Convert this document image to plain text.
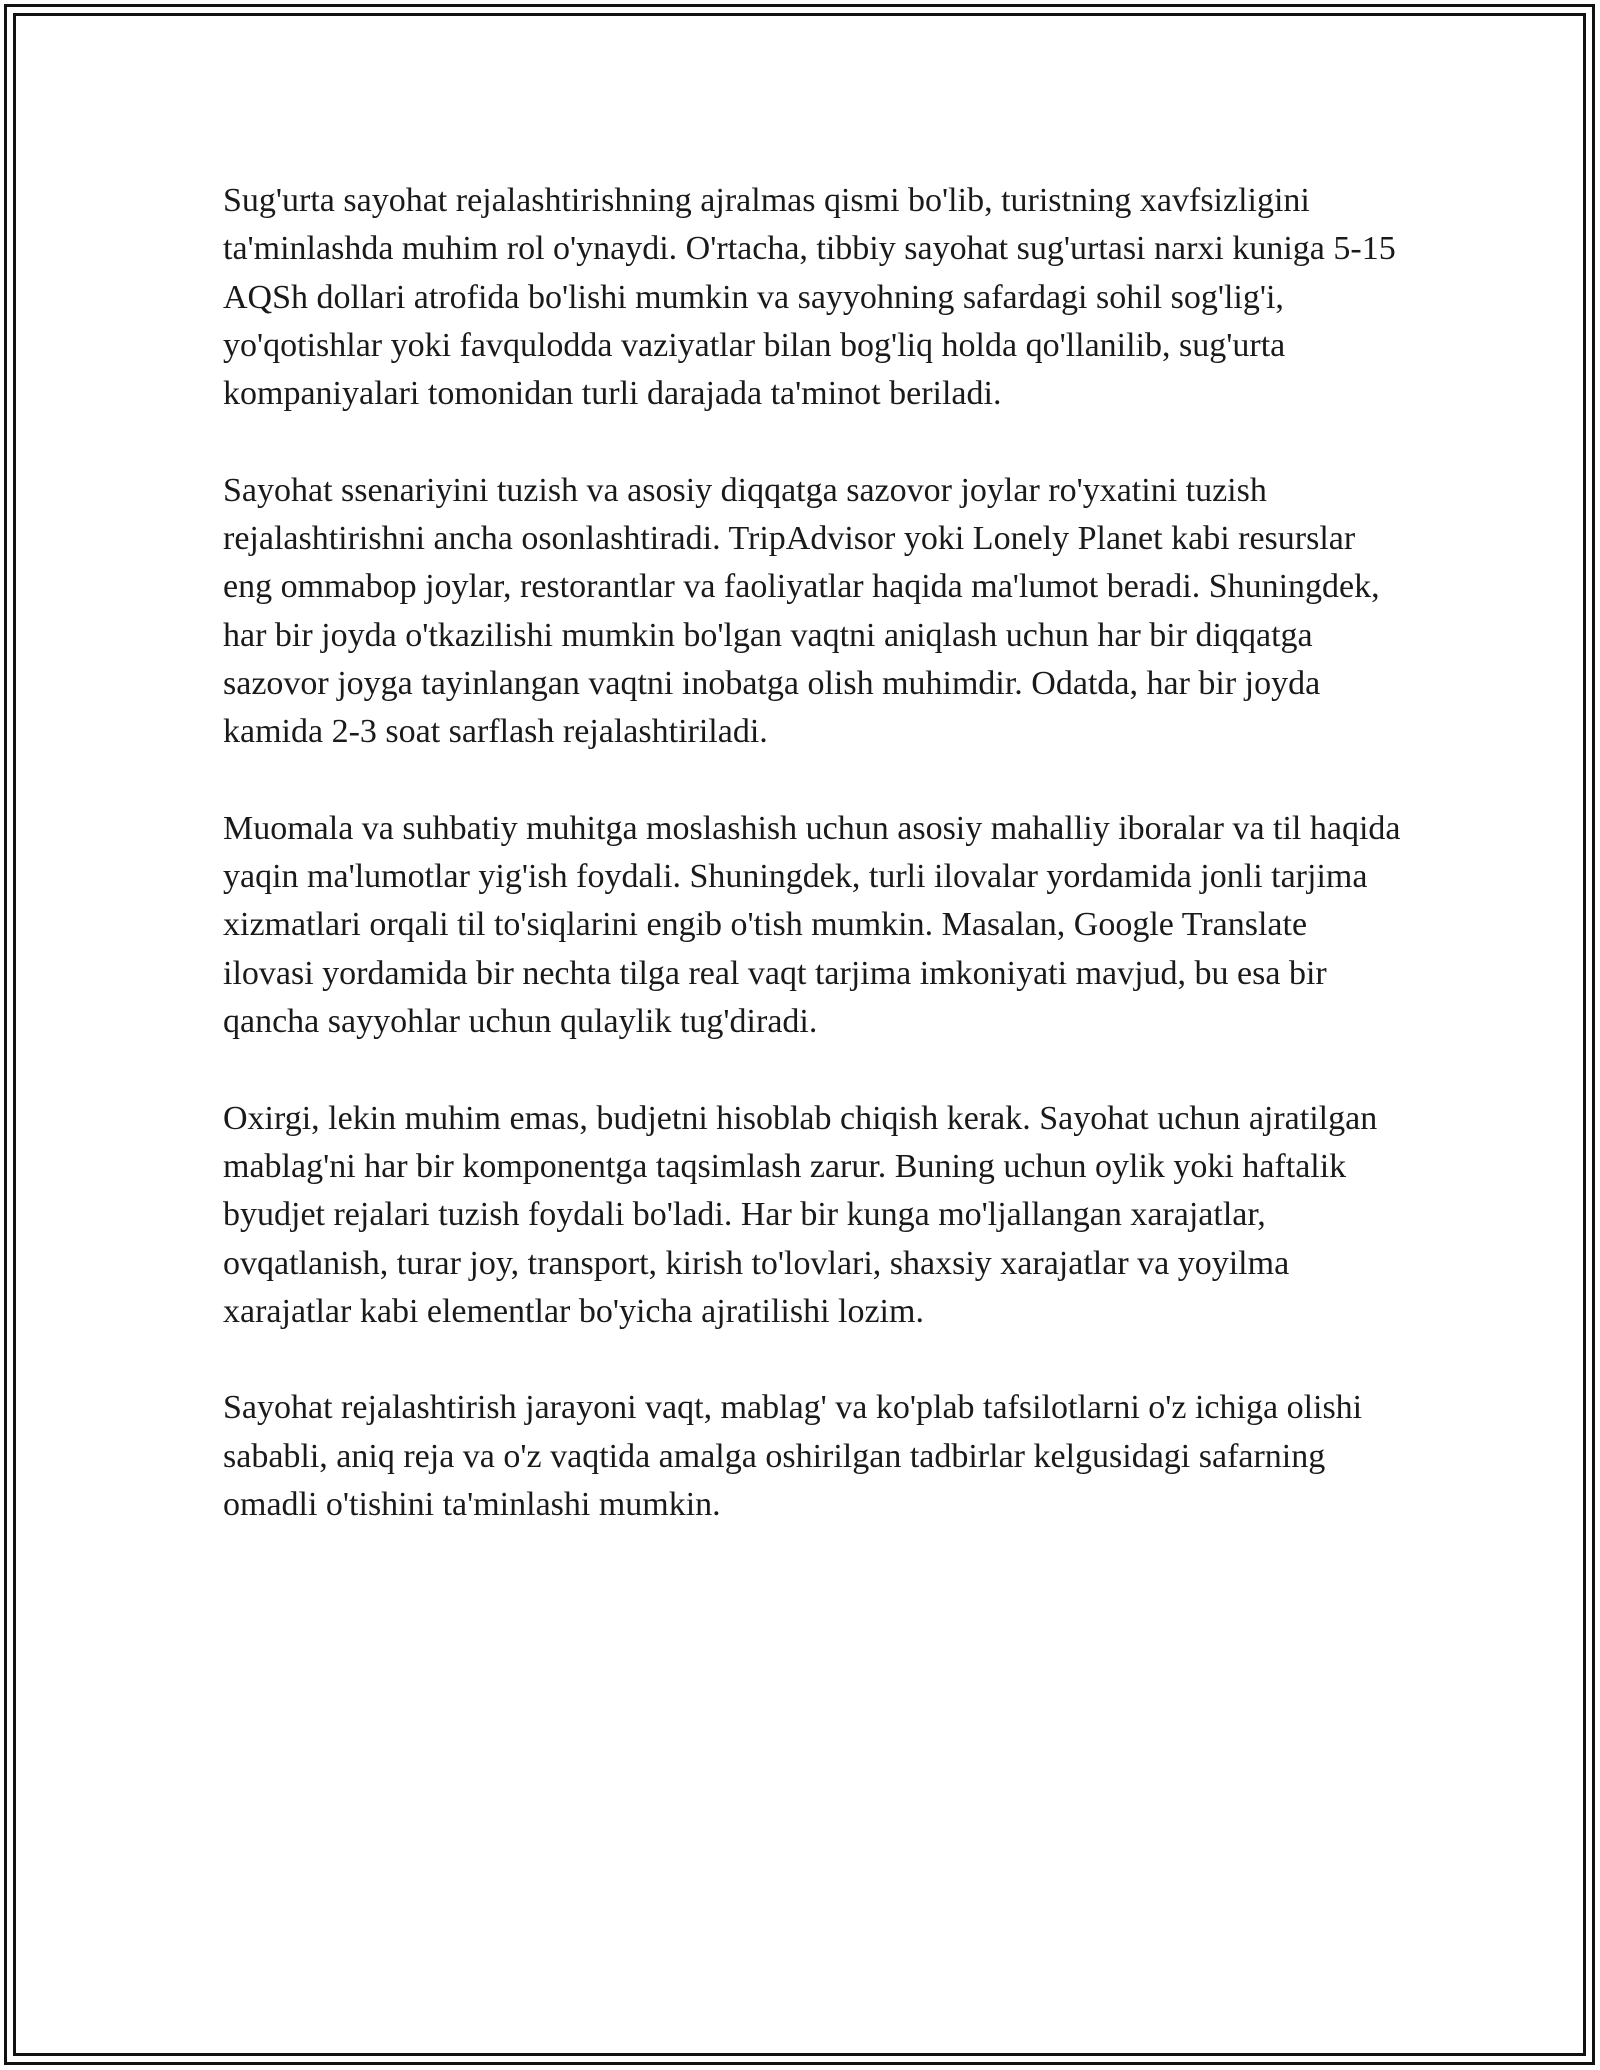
Sug'urta sayohat rejalashtirishning ajralmas qismi bo'lib, turistning xavfsizligini ta'minlashda muhim rol o'ynaydi. O'rtacha, tibbiy sayohat sug'urtasi narxi kuniga 5-15 AQSh dollari atrofida bo'lishi mumkin va sayyohning safardagi sohil sog'lig'i, yo'qotishlar yoki favqulodda vaziyatlar bilan bog'liq holda qo'llanilib, sug'urta kompaniyalari tomonidan turli darajada ta'minot beriladi.

Sayohat ssenariyini tuzish va asosiy diqqatga sazovor joylar ro'yxatini tuzish rejalashtirishni ancha osonlashtiradi. TripAdvisor yoki Lonely Planet kabi resurslar eng ommabop joylar, restorantlar va faoliyatlar haqida ma'lumot beradi. Shuningdek, har bir joyda o'tkazilishi mumkin bo'lgan vaqtni aniqlash uchun har bir diqqatga sazovor joyga tayinlangan vaqtni inobatga olish muhimdir. Odatda, har bir joyda kamida 2-3 soat sarflash rejalashtiriladi.

Muomala va suhbatiy muhitga moslashish uchun asosiy mahalliy iboralar va til haqida yaqin ma'lumotlar yig'ish foydali. Shuningdek, turli ilovalar yordamida jonli tarjima xizmatlari orqali til to'siqlarini engib o'tish mumkin. Masalan, Google Translate ilovasi yordamida bir nechta tilga real vaqt tarjima imkoniyati mavjud, bu esa bir qancha sayyohlar uchun qulaylik tug'diradi.

Oxirgi, lekin muhim emas, budjetni hisoblab chiqish kerak. Sayohat uchun ajratilgan mablag'ni har bir komponentga taqsimlash zarur. Buning uchun oylik yoki haftalik byudjet rejalari tuzish foydali bo'ladi. Har bir kunga mo'ljallangan xarajatlar, ovqatlanish, turar joy, transport, kirish to'lovlari, shaxsiy xarajatlar va yoyilma xarajatlar kabi elementlar bo'yicha ajratilishi lozim.

Sayohat rejalashtirish jarayoni vaqt, mablag' va ko'plab tafsilotlarni o'z ichiga olishi sababli, aniq reja va o'z vaqtida amalga oshirilgan tadbirlar kelgusidagi safarning omadli o'tishini ta'minlashi mumkin.
